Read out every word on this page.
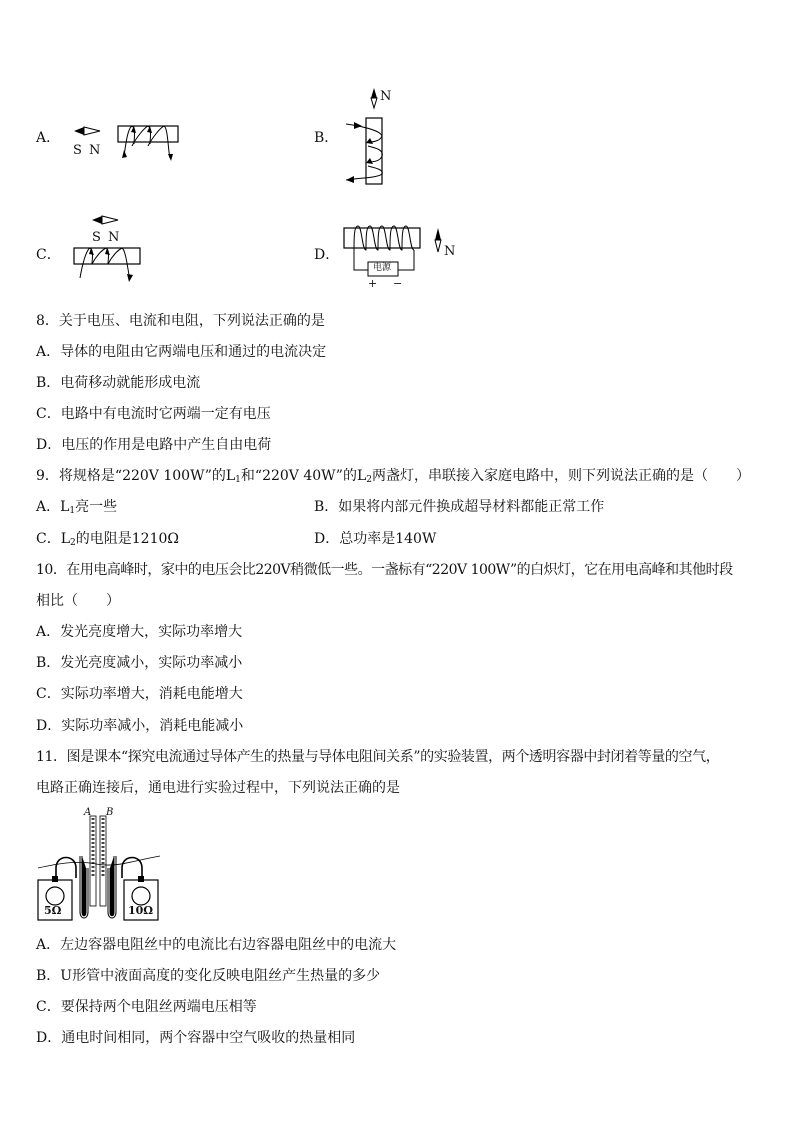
A．
S N
B．
N
C．
S N
D．
电源
+ −
N
8．关于电压、电流和电阻，下列说法正确的是
A．导体的电阻由它两端电压和通过的电流决定
B．电荷移动就能形成电流
C．电路中有电流时它两端一定有电压
D．电压的作用是电路中产生自由电荷
9．将规格是“220V 100W”的$L_1$和“220V 40W”的$L_2$两盏灯，串联接入家庭电路中，则下列说法正确的是（　　）
A．$L_1$亮一些	B．如果将内部元件换成超导材料都能正常工作
C．$L_2$的电阻是1210Ω	D．总功率是140W
10．在用电高峰时，家中的电压会比220V稍微低一些。一盏标有“220V 100W”的白炽灯，它在用电高峰和其他时段
相比（　　）
A．发光亮度增大，实际功率增大
B．发光亮度减小，实际功率减小
C．实际功率增大，消耗电能增大
D．实际功率减小，消耗电能减小
11．图是课本“探究电流通过导体产生的热量与导体电阻间关系”的实验装置，两个透明容器中封闭着等量的空气，
电路正确连接后，通电进行实验过程中，下列说法正确的是
A B
5Ω	10Ω
A．左边容器电阻丝中的电流比右边容器电阻丝中的电流大
B．U形管中液面高度的变化反映电阻丝产生热量的多少
C．要保持两个电阻丝两端电压相等
D．通电时间相同，两个容器中空气吸收的热量相同
